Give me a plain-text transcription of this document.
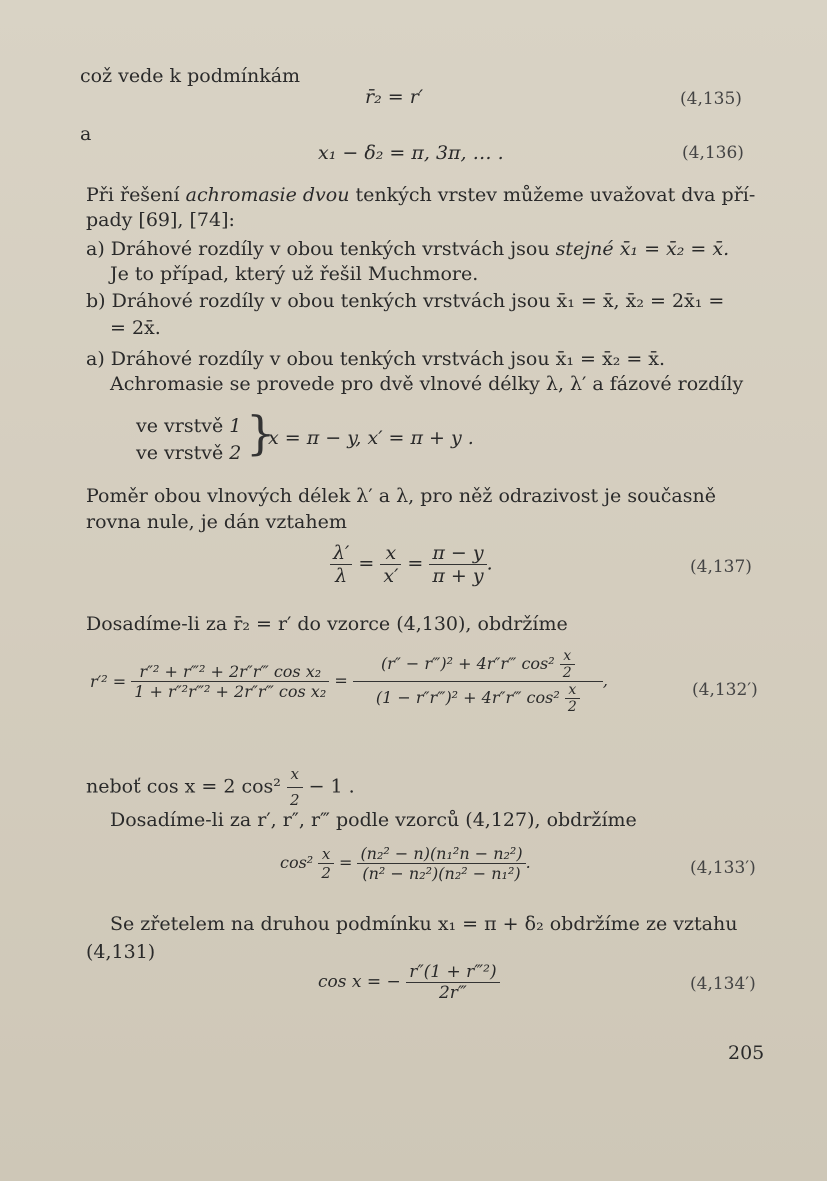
což vede k podmínkám
r̄₂ = r′	(4,135)
a
x₁ − δ₂ = π, 3π, … .	(4,136)
Při řešení achromasie dvou tenkých vrstev můžeme uvažovat dva pří-
pady [69], [74]:
a) Dráhové rozdíly v obou tenkých vrstvách jsou stejné x̄₁ = x̄₂ = x̄.
Je to případ, který už řešil Muchmore.
b) Dráhové rozdíly v obou tenkých vrstvách jsou x̄₁ = x̄, x̄₂ = 2x̄₁ =
= 2x̄.
a) Dráhové rozdíly v obou tenkých vrstvách jsou x̄₁ = x̄₂ = x̄.
Achromasie se provede pro dvě vlnové délky λ, λ′ a fázové rozdíly
ve vrstvě 1
ve vrstvě 2 }
x = π − y, x′ = π + y .
Poměr obou vlnových délek λ′ a λ, pro něž odrazivost je současně
rovna nule, je dán vztahem
$\frac{\lambda'}{\lambda} = \frac{x}{x'} = \frac{\pi - y}{\pi + y}$ .	(4,137)
Dosadíme-li za r̄₂ = r′ do vzorce (4,130), obdržíme
$r'^2 = \frac{\text{r″² + r‴² + 2r″r‴ cos x₂}}{\text{1 + r″²r‴² + 2r″r‴ cos x₂}} = \frac{(r'' - r‴)^2 + 4r''r‴ \cos^2 \frac{x}{2}}{(1 - r''r‴)^2 + 4r''r‴ \cos^2 \frac{x}{2}}$ ,	(4,132′)
neboť cos x = 2 $\cos^2 \frac{x}{2} - 1$ .
Dosadíme-li za r′, r″, r‴ podle vzorců (4,127), obdržíme
$\cos^2 \frac{x}{2} = \frac{\text{(n₂² − n)(n₁²n − n₂²)}}{\text{(n² − n₂²)(n₂² − n₁²)}}$ .	(4,133′)
Se zřetelem na druhou podmínku x₁ = π + δ₂ obdržíme ze vztahu
(4,131)
cos x = − $\frac{\text{r″(1 + r‴²)}}{2r‴}$	(4,134′)
205
